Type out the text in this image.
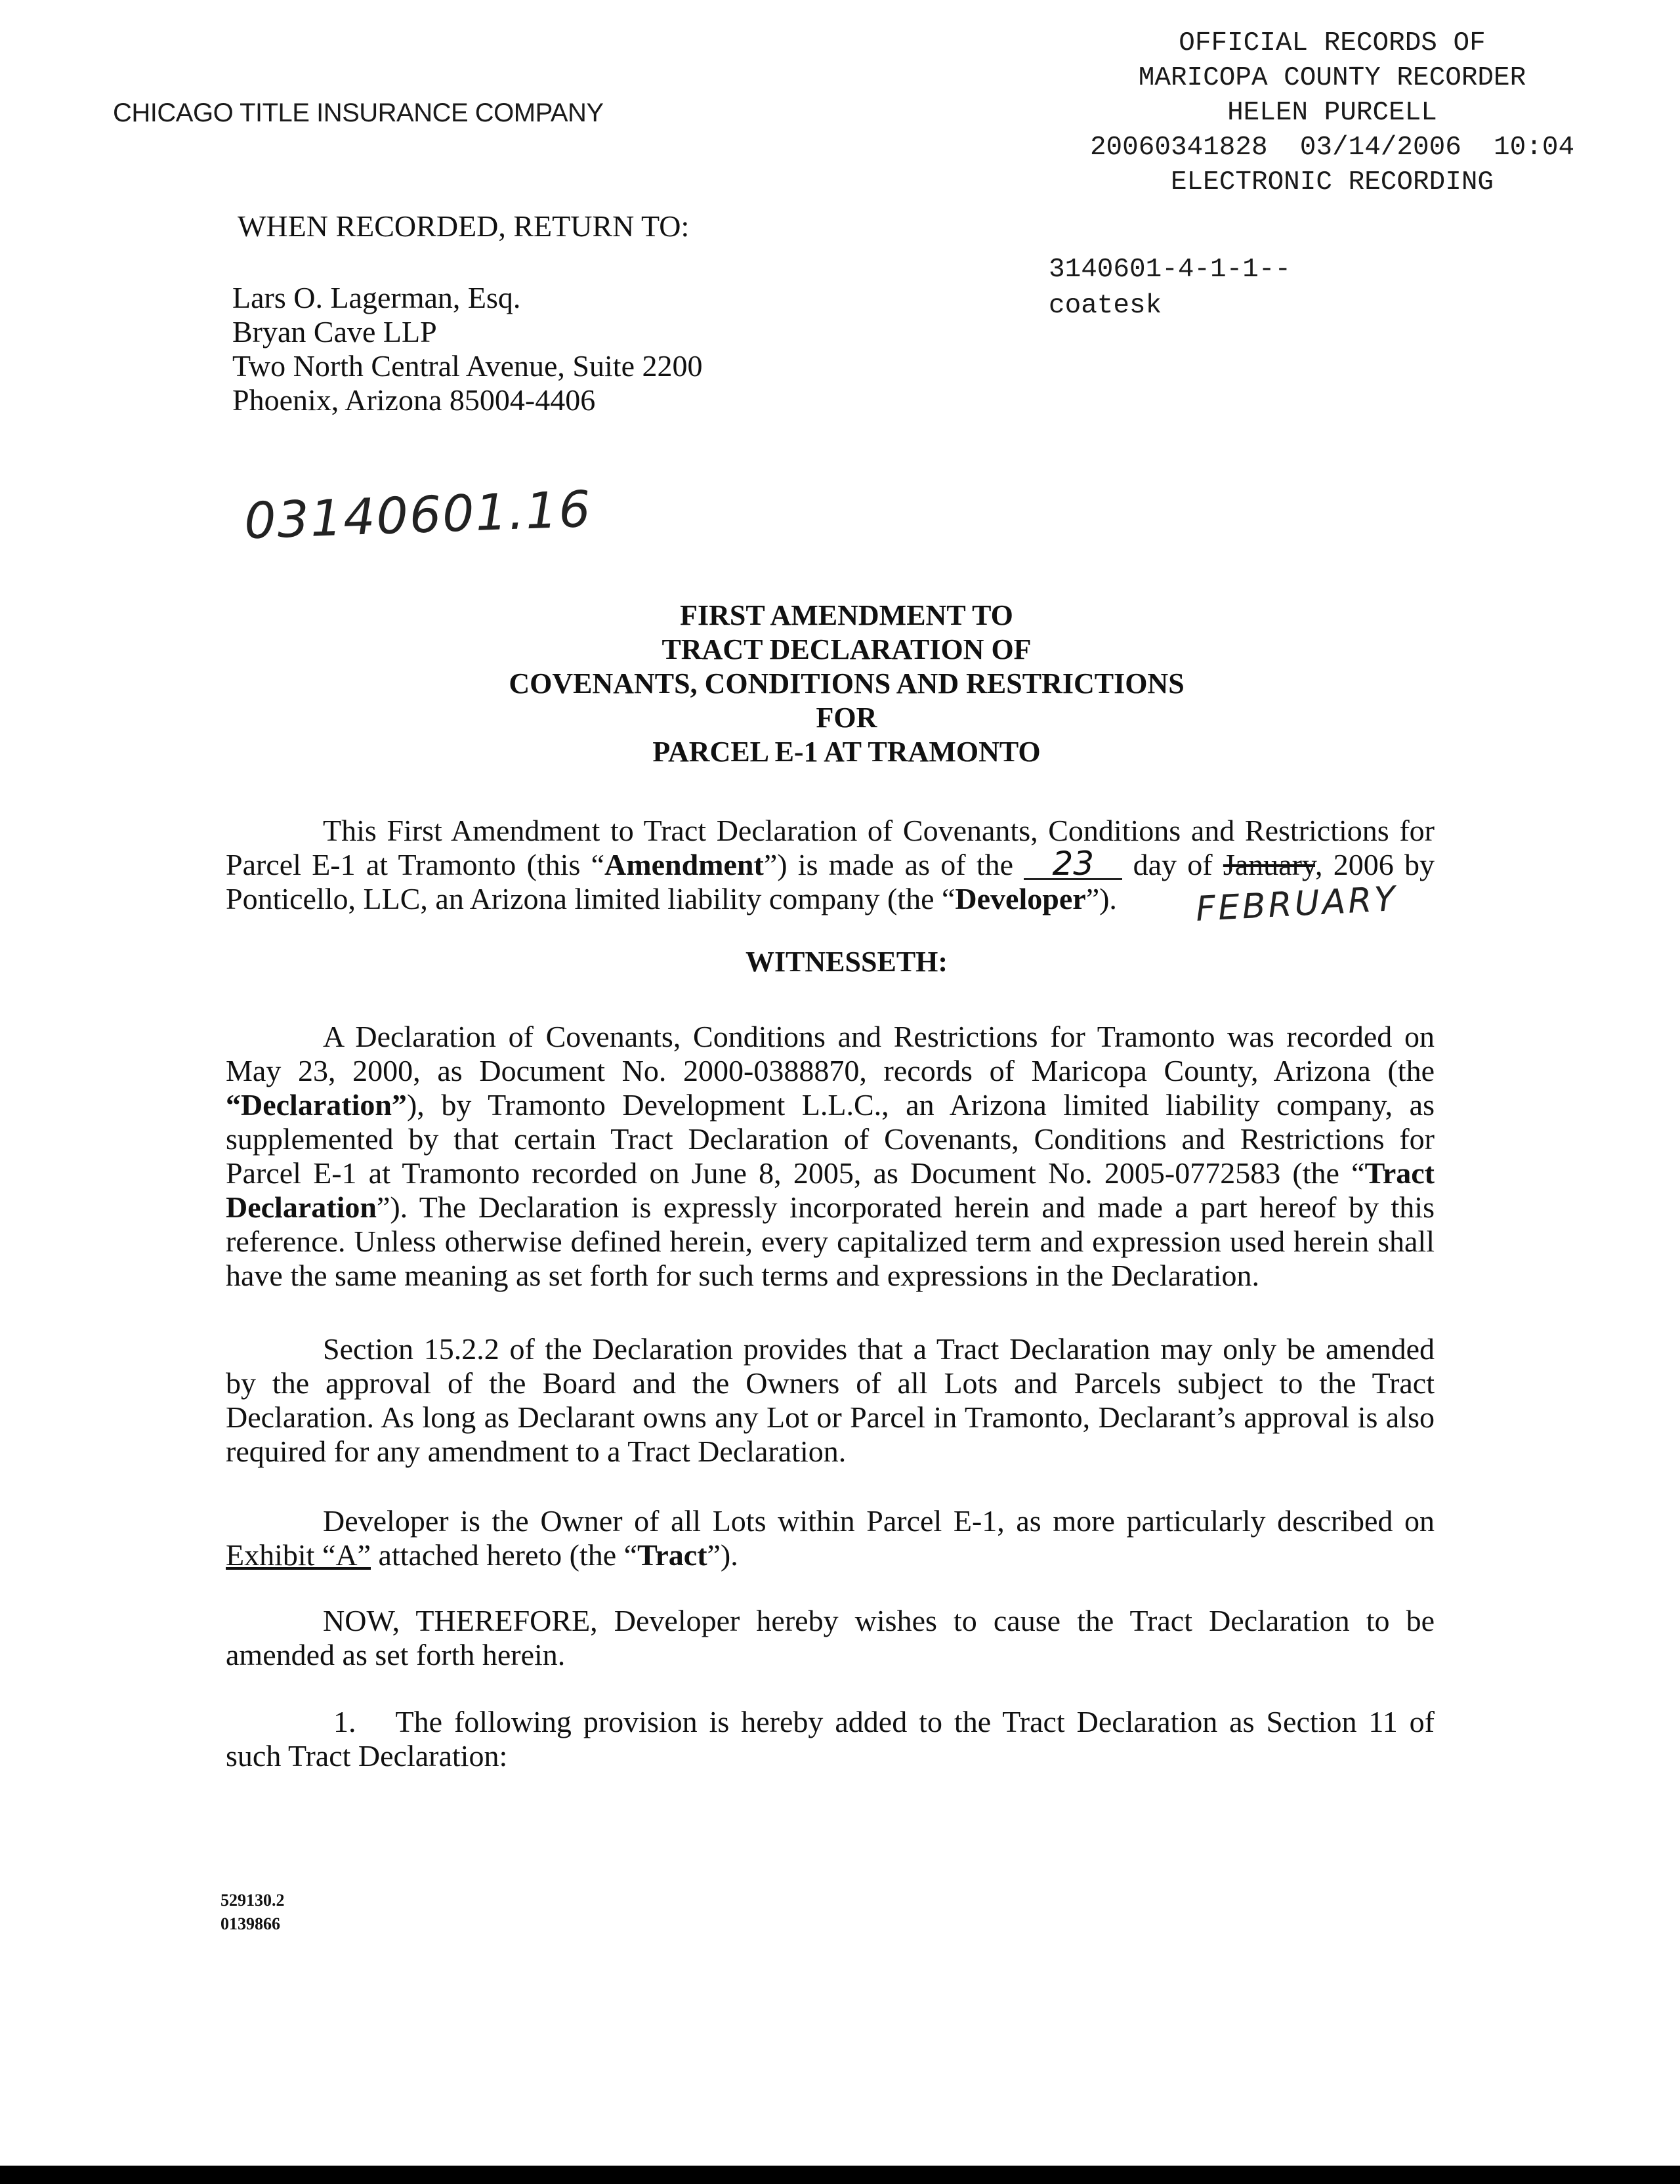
CHICAGO TITLE INSURANCE COMPANY
OFFICIAL RECORDS OF
MARICOPA COUNTY RECORDER
HELEN PURCELL
20060341828  03/14/2006  10:04
ELECTRONIC RECORDING
3140601-4-1-1--
coatesk
WHEN RECORDED, RETURN TO:
Lars O. Lagerman, Esq.
Bryan Cave LLP
Two North Central Avenue, Suite 2200
Phoenix, Arizona 85004-4406
03140601.16
FIRST AMENDMENT TO
TRACT DECLARATION OF
COVENANTS, CONDITIONS AND RESTRICTIONS
FOR
PARCEL E-1 AT TRAMONTO
This First Amendment to Tract Declaration of Covenants, Conditions and Restrictions for Parcel E-1 at Tramonto (this “Amendment”) is made as of the 23 day of January, 2006 by Ponticello, LLC, an Arizona limited liability company (the “Developer”).	FEBRUARY
WITNESSETH:
A Declaration of Covenants, Conditions and Restrictions for Tramonto was recorded on May 23, 2000, as Document No. 2000-0388870, records of Maricopa County, Arizona (the “Declaration”), by Tramonto Development L.L.C., an Arizona limited liability company, as supplemented by that certain Tract Declaration of Covenants, Conditions and Restrictions for Parcel E-1 at Tramonto recorded on June 8, 2005, as Document No. 2005-0772583 (the “Tract Declaration”). The Declaration is expressly incorporated herein and made a part hereof by this reference. Unless otherwise defined herein, every capitalized term and expression used herein shall have the same meaning as set forth for such terms and expressions in the Declaration.
Section 15.2.2 of the Declaration provides that a Tract Declaration may only be amended by the approval of the Board and the Owners of all Lots and Parcels subject to the Tract Declaration. As long as Declarant owns any Lot or Parcel in Tramonto, Declarant’s approval is also required for any amendment to a Tract Declaration.
Developer is the Owner of all Lots within Parcel E-1, as more particularly described on Exhibit “A” attached hereto (the “Tract”).
NOW, THEREFORE, Developer hereby wishes to cause the Tract Declaration to be amended as set forth herein.
1. The following provision is hereby added to the Tract Declaration as Section 11 of such Tract Declaration:
529130.2
0139866
